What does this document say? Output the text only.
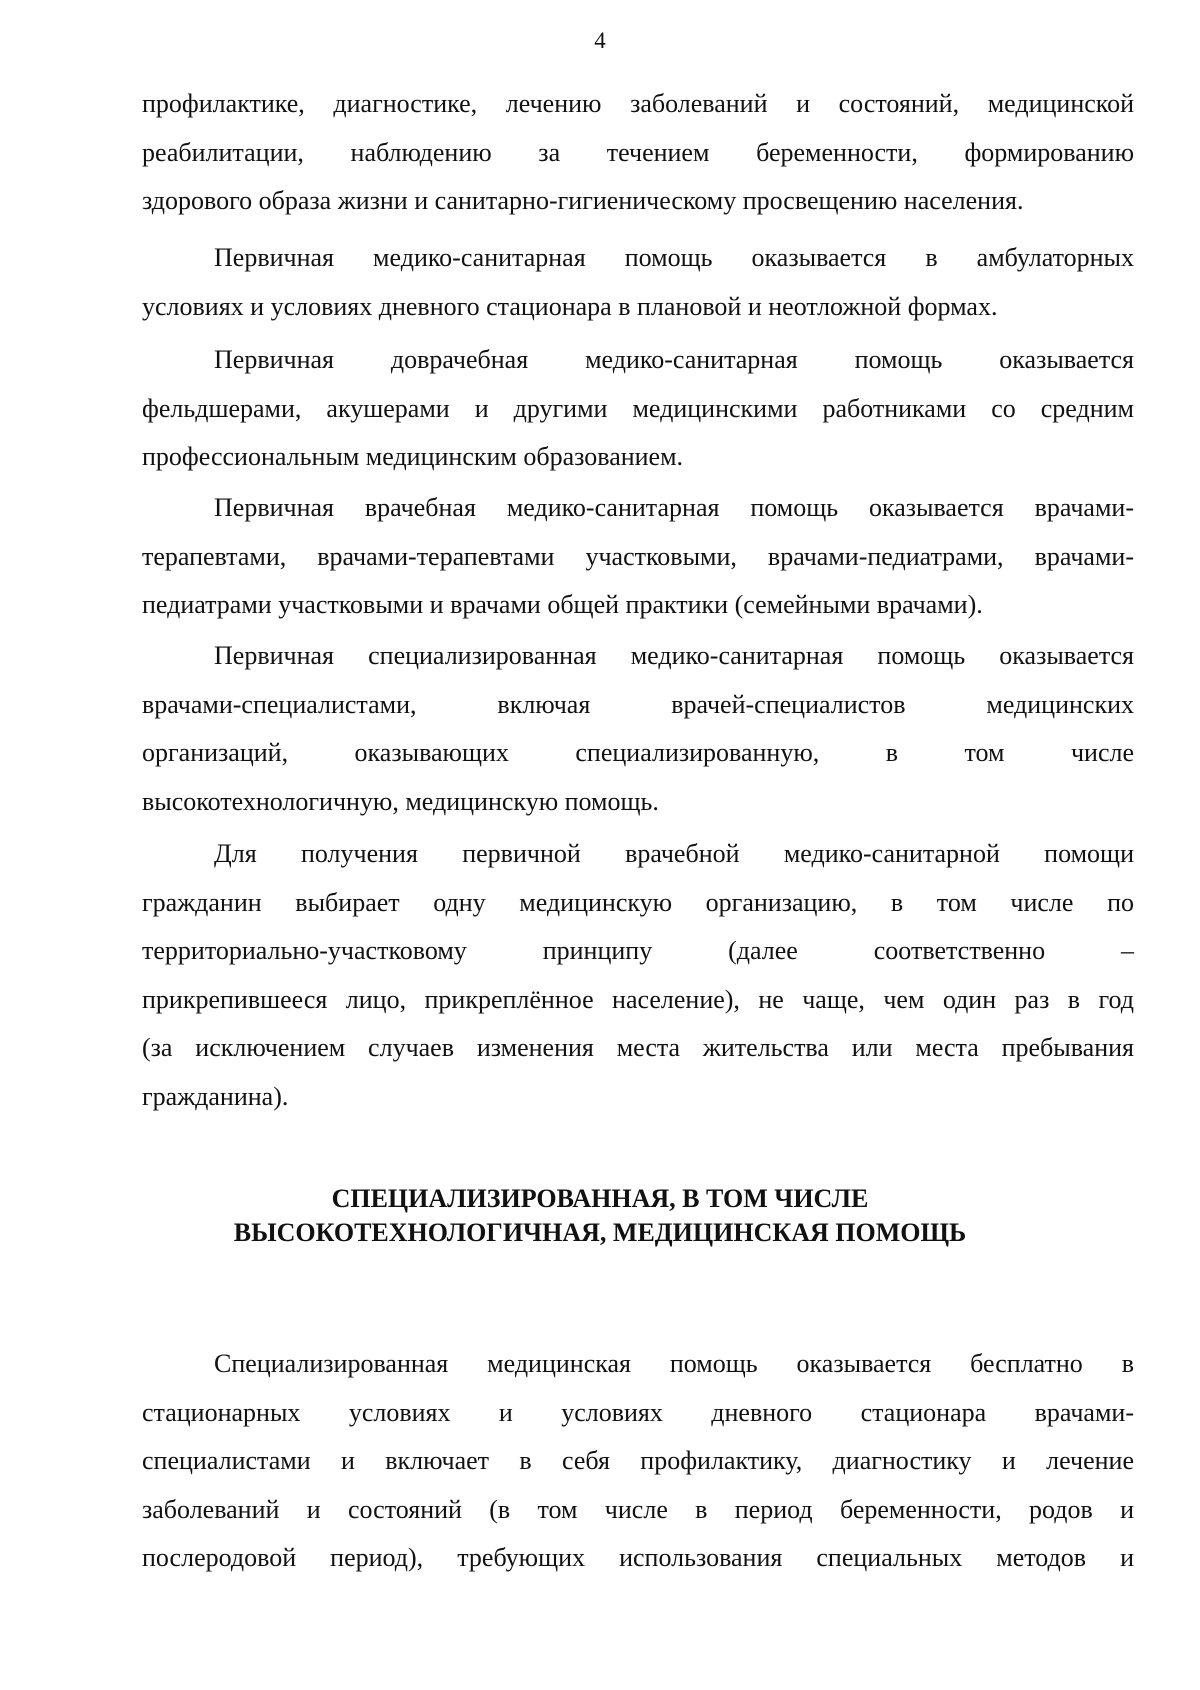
4
профилактике, диагностике, лечению заболеваний и состояний, медицинской
реабилитации, наблюдению за течением беременности, формированию
здорового образа жизни и санитарно-гигиеническому просвещению населения.
Первичная медико-санитарная помощь оказывается в амбулаторных
условиях и условиях дневного стационара в плановой и неотложной формах.
Первичная доврачебная медико-санитарная помощь оказывается
фельдшерами, акушерами и другими медицинскими работниками со средним
профессиональным медицинским образованием.
Первичная врачебная медико-санитарная помощь оказывается врачами-
терапевтами, врачами-терапевтами участковыми, врачами-педиатрами, врачами-
педиатрами участковыми и врачами общей практики (семейными врачами).
Первичная специализированная медико-санитарная помощь оказывается
врачами-специалистами, включая врачей-специалистов медицинских
организаций, оказывающих специализированную, в том числе
высокотехнологичную, медицинскую помощь.
Для получения первичной врачебной медико-санитарной помощи
гражданин выбирает одну медицинскую организацию, в том числе по
территориально-участковому принципу (далее соответственно –
прикрепившееся лицо, прикреплённое население), не чаще, чем один раз в год
(за исключением случаев изменения места жительства или места пребывания
гражданина).
СПЕЦИАЛИЗИРОВАННАЯ, В ТОМ ЧИСЛЕ
ВЫСОКОТЕХНОЛОГИЧНАЯ, МЕДИЦИНСКАЯ ПОМОЩЬ
Специализированная медицинская помощь оказывается бесплатно в
стационарных условиях и условиях дневного стационара врачами-
специалистами и включает в себя профилактику, диагностику и лечение
заболеваний и состояний (в том числе в период беременности, родов и
послеродовой период), требующих использования специальных методов и
